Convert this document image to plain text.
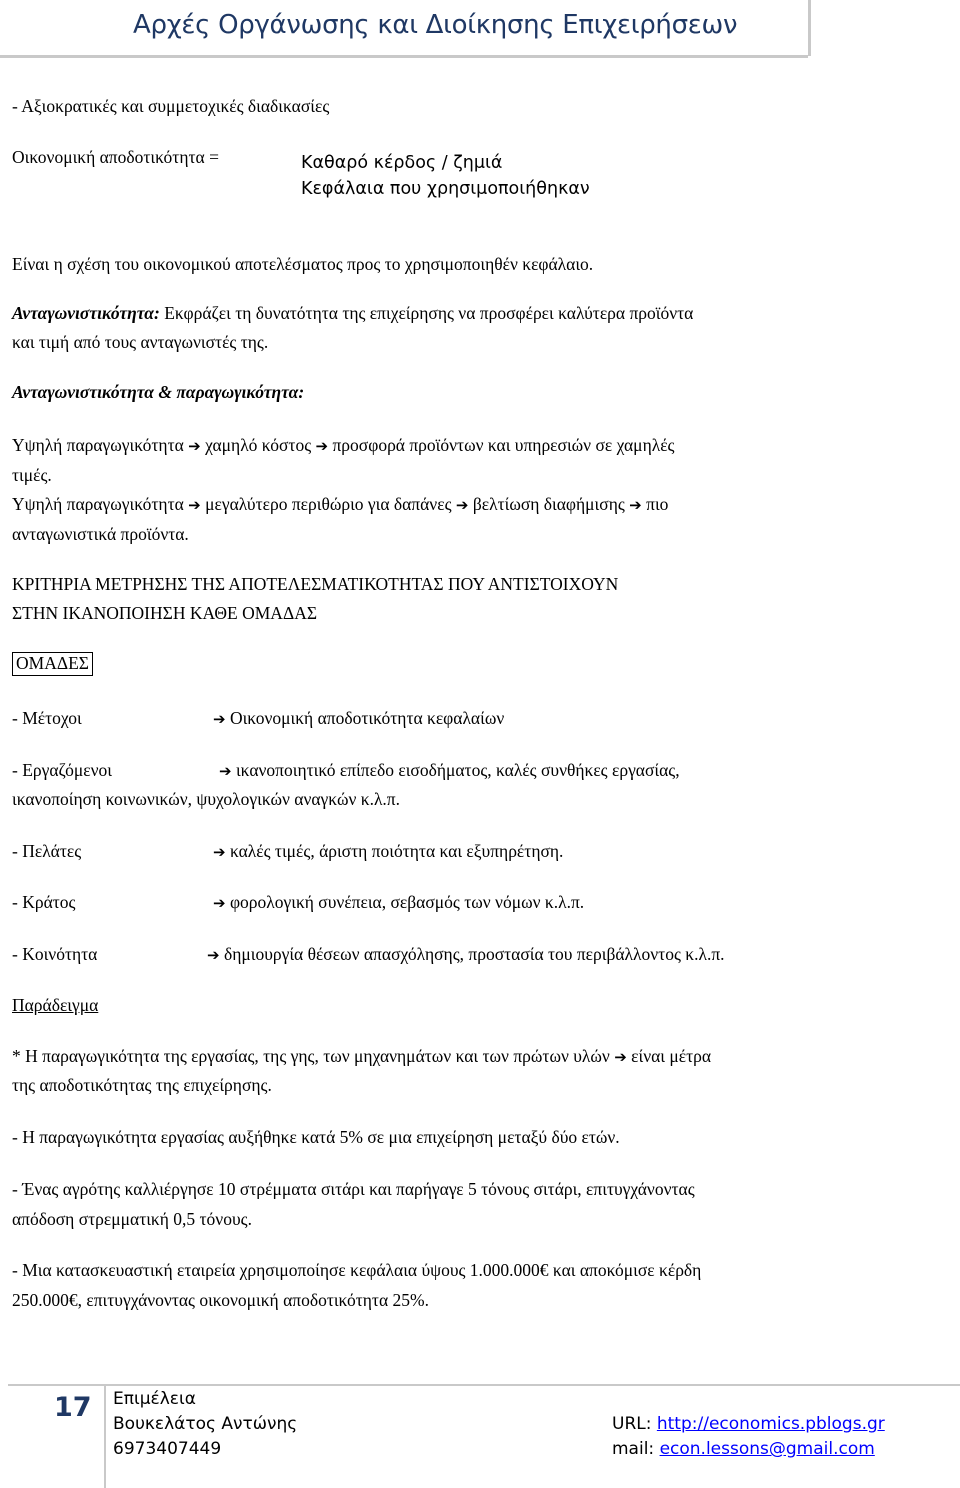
Αρχές Οργάνωσης και Διοίκησης Επιχειρήσεων
- Αξιοκρατικές και συμμετοχικές διαδικασίες
Οικονομική αποδοτικότητα =	Καθαρό κέρδος / ζημιά
Κεφάλαια που χρησιμοποιήθηκαν
Είναι η σχέση του οικονομικού αποτελέσματος προς το χρησιμοποιηθέν κεφάλαιο.
Ανταγωνιστικότητα: Εκφράζει τη δυνατότητα της επιχείρησης να προσφέρει καλύτερα προϊόντα
και τιμή από τους ανταγωνιστές της.
Ανταγωνιστικότητα & παραγωγικότητα:
Υψηλή παραγωγικότητα ➔ χαμηλό κόστος ➔ προσφορά προϊόντων και υπηρεσιών σε χαμηλές
τιμές.
Υψηλή παραγωγικότητα ➔ μεγαλύτερο περιθώριο για δαπάνες ➔ βελτίωση διαφήμισης ➔ πιο
ανταγωνιστικά προϊόντα.
ΚΡΙΤΗΡΙΑ ΜΕΤΡΗΣΗΣ ΤΗΣ ΑΠΟΤΕΛΕΣΜΑΤΙΚΟΤΗΤΑΣ ΠΟΥ ΑΝΤΙΣΤΟΙΧΟΥΝ
ΣΤΗΝ ΙΚΑΝΟΠΟΙΗΣΗ ΚΑΘΕ ΟΜΑΔΑΣ
ΟΜΑΔΕΣ
- Μέτοχοι	➔ Οικονομική αποδοτικότητα κεφαλαίων
- Εργαζόμενοι	➔ ικανοποιητικό επίπεδο εισοδήματος, καλές συνθήκες εργασίας,
ικανοποίηση κοινωνικών, ψυχολογικών αναγκών κ.λ.π.
- Πελάτες	➔ καλές τιμές, άριστη ποιότητα και εξυπηρέτηση.
- Κράτος	➔ φορολογική συνέπεια, σεβασμός των νόμων κ.λ.π.
- Κοινότητα	➔ δημιουργία θέσεων απασχόλησης, προστασία του περιβάλλοντος κ.λ.π.
Παράδειγμα
* Η παραγωγικότητα της εργασίας, της γης, των μηχανημάτων και των πρώτων υλών ➔ είναι μέτρα
της αποδοτικότητας της επιχείρησης.
- Η παραγωγικότητα εργασίας αυξήθηκε κατά 5% σε μια επιχείρηση μεταξύ δύο ετών.
- Ένας αγρότης καλλιέργησε 10 στρέμματα σιτάρι και παρήγαγε 5 τόνους σιτάρι, επιτυγχάνοντας
απόδοση στρεμματική 0,5 τόνους.
- Μια κατασκευαστική εταιρεία χρησιμοποίησε κεφάλαια ύψους 1.000.000€ και αποκόμισε κέρδη
250.000€, επιτυγχάνοντας οικονομική αποδοτικότητα 25%.
17 Επιμέλεια
Βουκελάτος Αντώνης
6973407449
URL: http://economics.pblogs.gr
mail: econ.lessons@gmail.com
